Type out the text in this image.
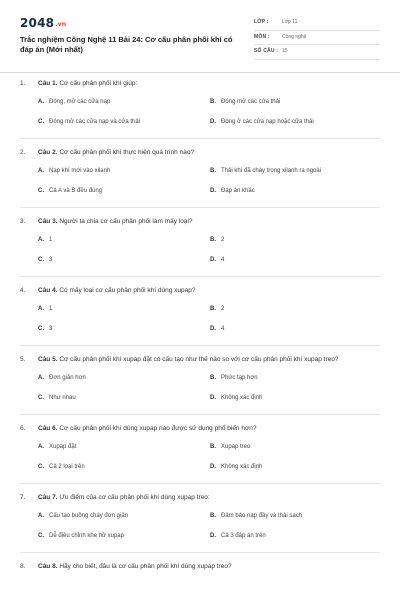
2048.vn
Trắc nghiệm Công Nghệ 11 Bài 24: Cơ cấu phân phối khí có đáp án (Mới nhất)
LỚP :	Lớp 11
MÔN : Công nghệ
SỐ CÂU : 15
1. Câu 1. Cơ cấu phân phối khí giúp:
A. Đóng, mở các cửa nạp	B. Đóng mở các cửa thải
C. Đóng mở các cửa nạp và cửa thải	D. Đóng ở các cửa nạp hoặc cửa thải
2. Câu 2. Cơ cấu phân phối khí thực hiện quá trình nào?
A. Nạp khí mới vào xilanh	B. Thải khí đã cháy trong xilanh ra ngoài
C. Cả A và B đều đúng	D. Đáp án khác
3. Câu 3. Người ta chia cơ cấu phân phối làm mấy loại?
A. 1	B. 2
C. 3	D. 4
4. Câu 4. Có mấy loại cơ cấu phân phối khí dùng xupap?
A. 1	B. 2
C. 3	D. 4
5. Câu 5. Cơ cấu phân phối khí xupap đặt có cấu tạo như thế nào so với cơ cấu phân phối khí xupap treo?
A. Đơn giản hơn	B. Phức tạp hơn
C. Như nhau	D. Không xác định
6. Câu 6. Cơ cấu phân phối khí dùng xupap nào được sử dụng phổ biến hơn?
A. Xupap đặt	B. Xupap treo
C. Cả 2 loại trên	D. Không xác định
7. Câu 7. Ưu điểm của cơ cấu phân phối khí dùng xupap treo:
A. Cấu tạo buồng cháy đơn giản	B. Đảm bảo nạp đầy và thải sạch
C. Dễ điều chỉnh khe hở xupap	D. Cả 3 đáp án trên
8. Câu 8. Hãy cho biết, đâu là cơ cấu phân phối khí dùng xupap treo?
